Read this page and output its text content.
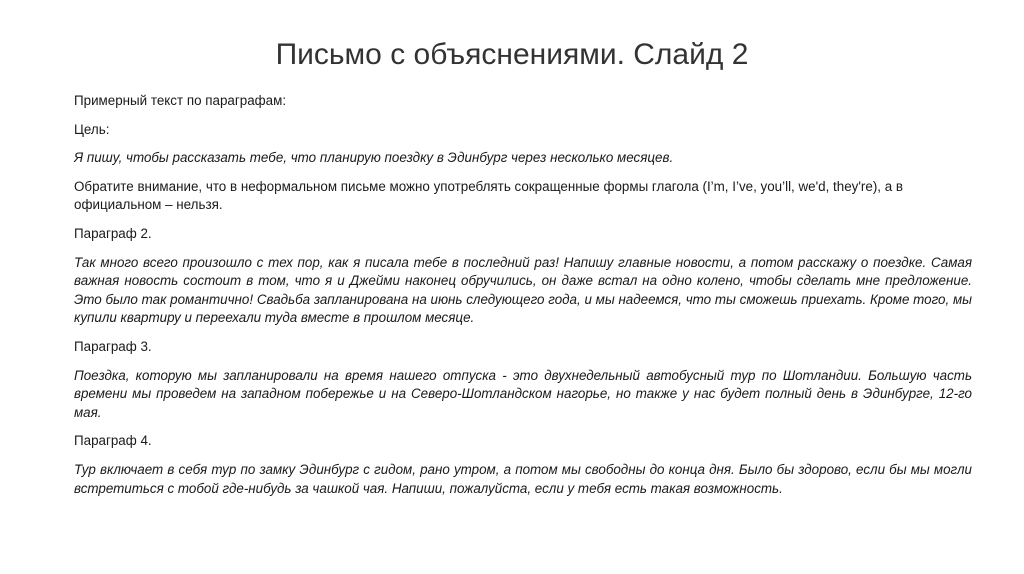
Письмо с объяснениями. Слайд 2

Примерный текст по параграфам:

Цель:

Я пишу, чтобы рассказать тебе, что планирую поездку в Эдинбург через несколько месяцев.

Обратите внимание, что в неформальном письме можно употреблять сокращенные формы глагола (I’m, I’ve, you’ll, we'd, they're), а в официальном – нельзя.

Параграф 2.

Так много всего произошло с тех пор, как я писала тебе в последний раз! Напишу главные новости, а потом расскажу о поездке. Самая важная новость состоит в том, что я и Джейми наконец обручились, он даже встал на одно колено, чтобы сделать мне предложение. Это было так романтично! Свадьба запланирована на июнь следующего года, и мы надеемся, что ты сможешь приехать. Кроме того, мы купили квартиру и переехали туда вместе в прошлом месяце.

Параграф 3.

Поездка, которую мы запланировали на время нашего отпуска - это двухнедельный автобусный тур по Шотландии. Большую часть времени мы проведем на западном побережье и на Северо-Шотландском нагорье, но также у нас будет полный день в Эдинбурге, 12-го мая.

Параграф 4.

Тур включает в себя тур по замку Эдинбург с гидом, рано утром, а потом мы свободны до конца дня. Было бы здорово, если бы мы могли встретиться с тобой где-нибудь за чашкой чая. Напиши, пожалуйста, если у тебя есть такая возможность.
